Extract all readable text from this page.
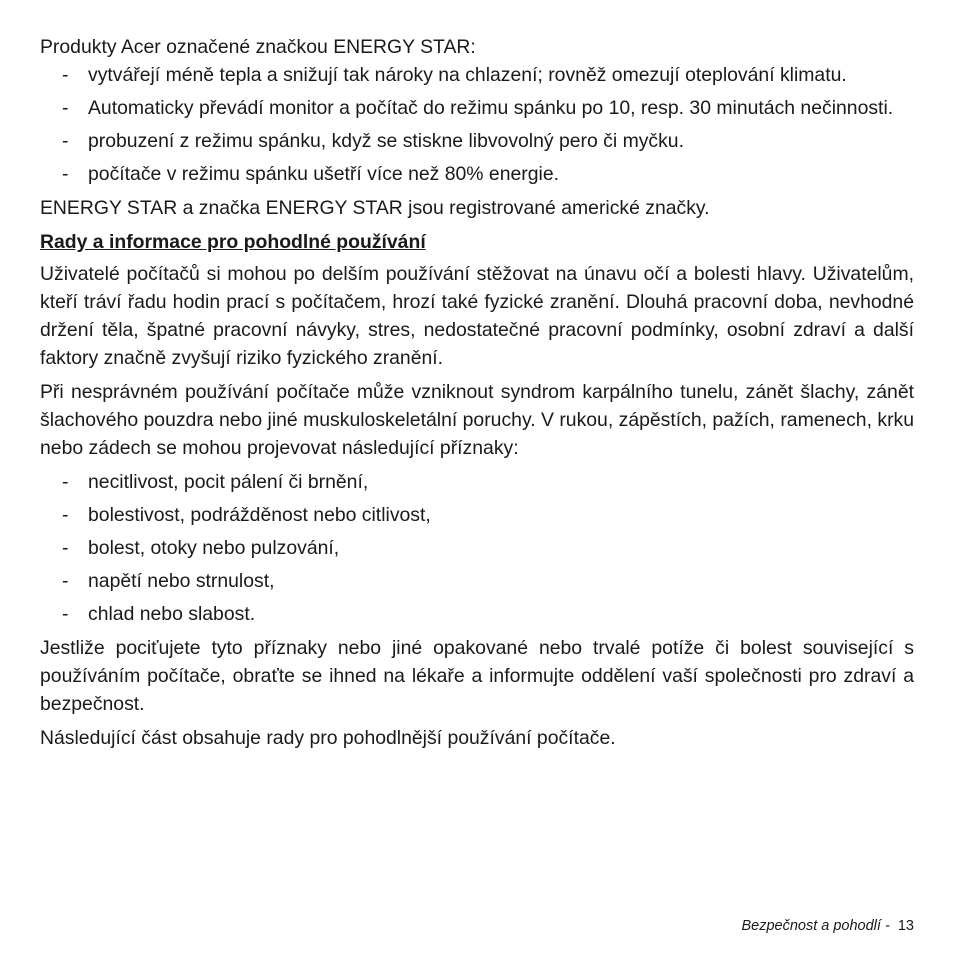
Produkty Acer označené značkou ENERGY STAR:

- vytvářejí méně tepla a snižují tak nároky na chlazení; rovněž omezují oteplování klimatu.
- Automaticky převádí monitor a počítač do režimu spánku po 10, resp. 30 minutách nečinnosti.
- probuzení z režimu spánku, když se stiskne libvovolný pero či myčku.
- počítače v režimu spánku ušetří více než 80% energie.

ENERGY STAR a značka ENERGY STAR jsou registrované americké značky.

Rady a informace pro pohodlné používání

Uživatelé počítačů si mohou po delším používání stěžovat na únavu očí a bolesti hlavy. Uživatelům, kteří tráví řadu hodin prací s počítačem, hrozí také fyzické zranění. Dlouhá pracovní doba, nevhodné držení těla, špatné pracovní návyky, stres, nedostatečné pracovní podmínky, osobní zdraví a další faktory značně zvyšují riziko fyzického zranění.

Při nesprávném používání počítače může vzniknout syndrom karpálního tunelu, zánět šlachy, zánět šlachového pouzdra nebo jiné muskuloskeletální poruchy. V rukou, zápěstích, pažích, ramenech, krku nebo zádech se mohou projevovat následující příznaky:

- necitlivost, pocit pálení či brnění,
- bolestivost, podrážděnost nebo citlivost,
- bolest, otoky nebo pulzování,
- napětí nebo strnulost,
- chlad nebo slabost.

Jestliže pociťujete tyto příznaky nebo jiné opakované nebo trvalé potíže či bolest související s používáním počítače, obraťte se ihned na lékaře a informujte oddělení vaší společnosti pro zdraví a bezpečnost.

Následující část obsahuje rady pro pohodlnější používání počítače.

Bezpečnost a pohodlí - 13
